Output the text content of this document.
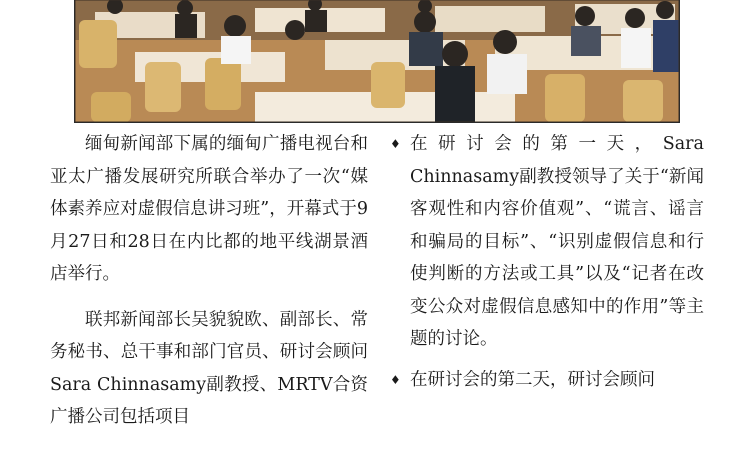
缅甸新闻部下属的缅甸广播电视台和亚太广播发展研究所联合举办了一次“媒体素养应对虚假信息讲习班”，开幕式于9月27日和28日在内比都的地平线湖景酒店举行。

联邦新闻部长吴貌貌欧、副部长、常务秘书、总干事和部门官员、研讨会顾问Sara Chinnasamy副教授、MRTV合资广播公司包括项目

♦ 在研讨会的第一天，Sara Chinnasamy副教授领导了关于“新闻客观性和内容价值观”、“谎言、谣言和骗局的目标”、“识别虚假信息和行使判断的方法或工具”以及“记者在改变公众对虚假信息感知中的作用”等主题的讨论。
♦ 在研讨会的第二天，研讨会顾问
